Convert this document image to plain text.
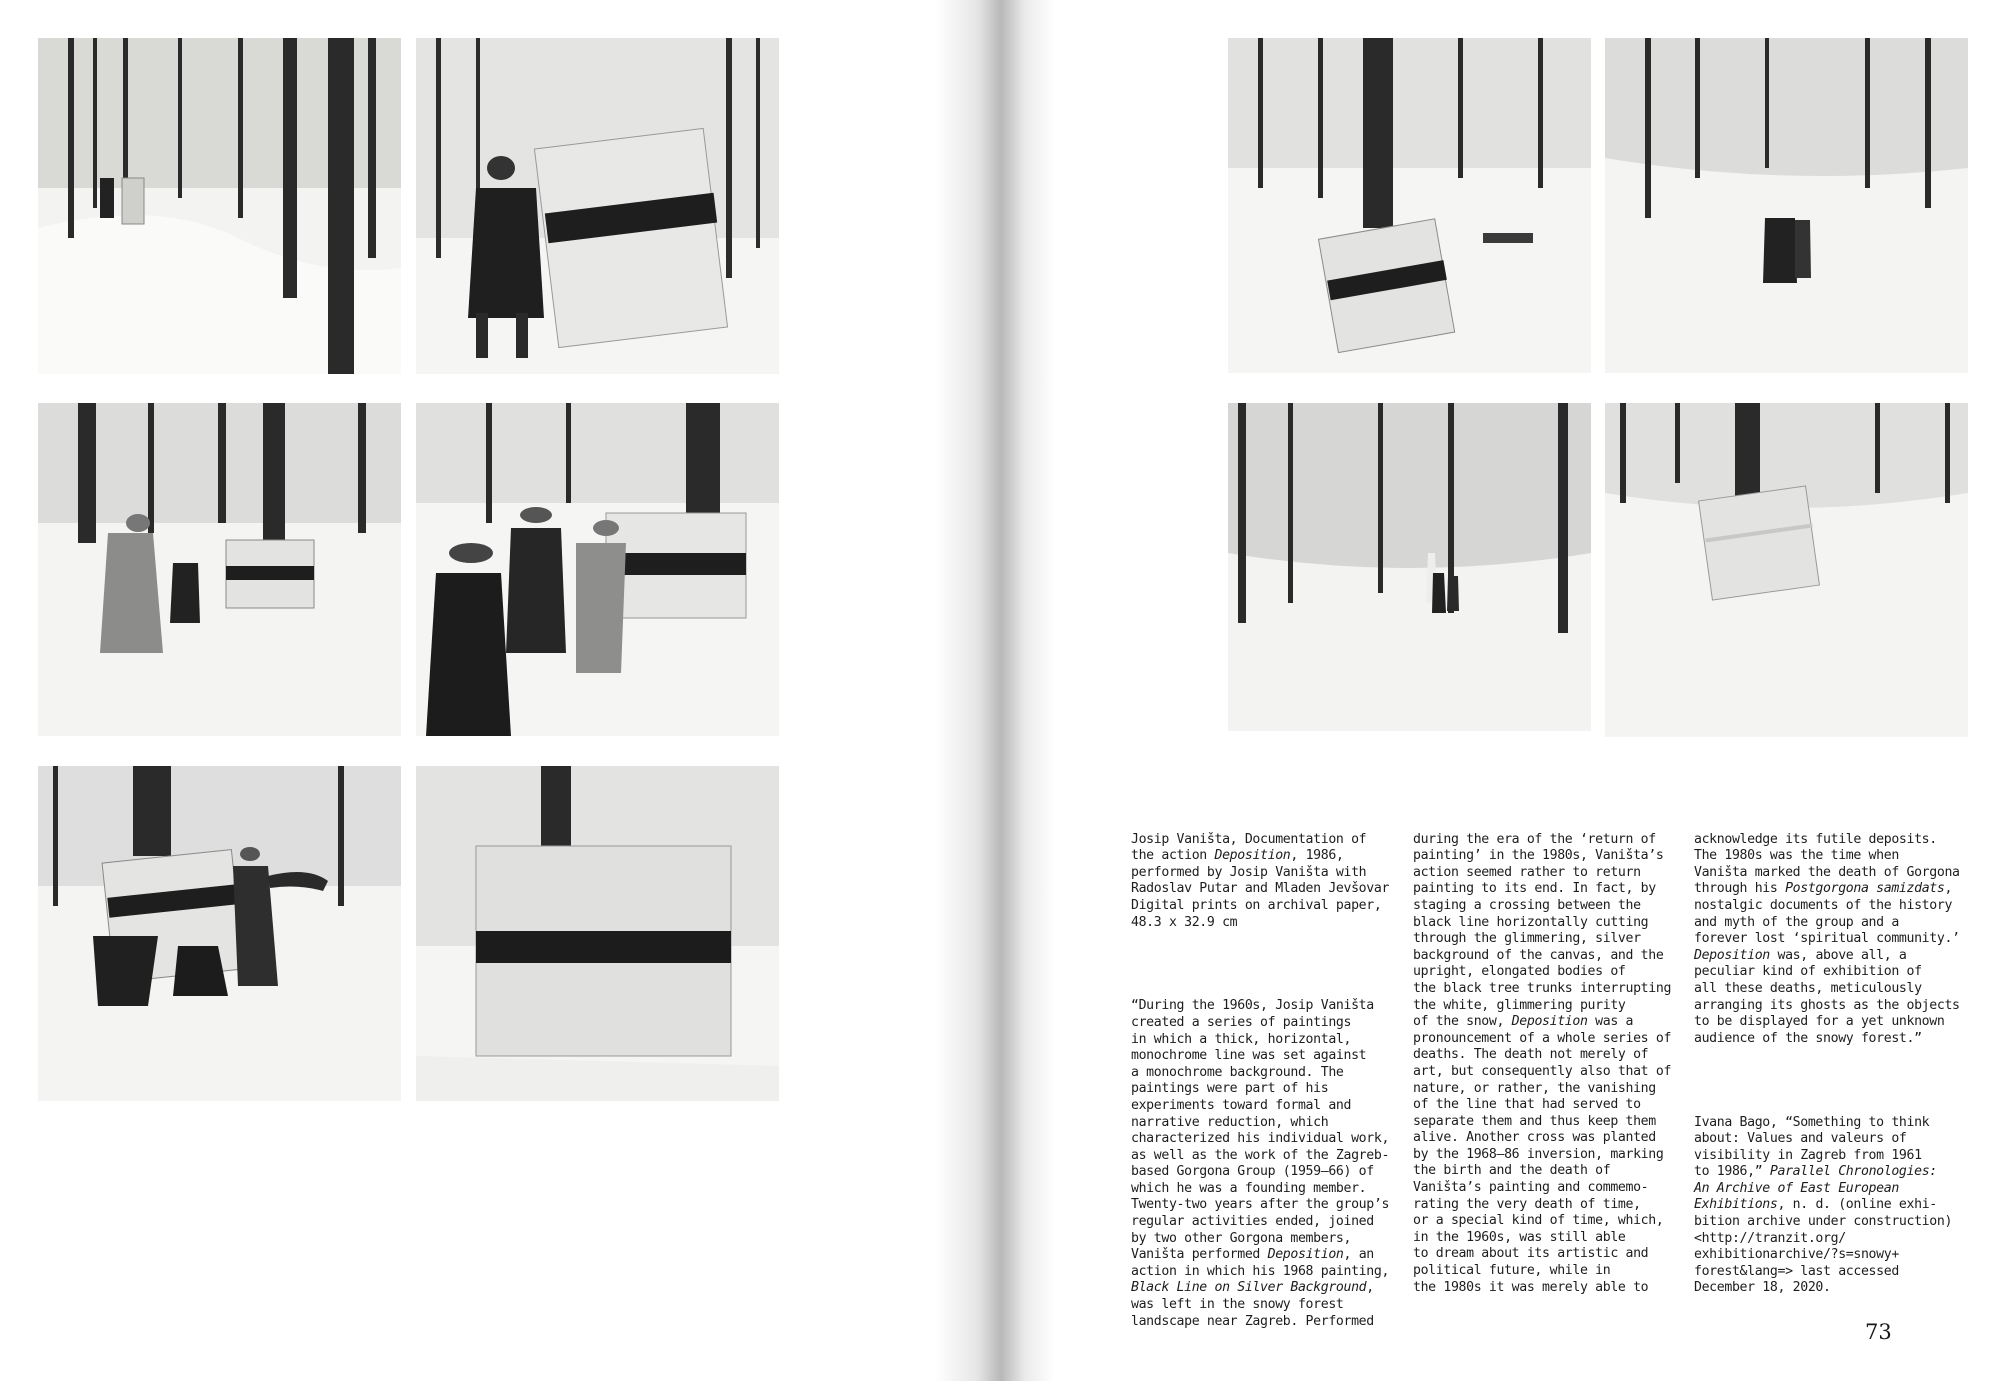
Josip Vaništa, Documentation of
the action Deposition, 1986,
performed by Josip Vaništa with
Radoslav Putar and Mladen Jevšovar
Digital prints on archival paper,
48.3 x 32.9 cm

“During the 1960s, Josip Vaništa
created a series of paintings
in which a thick, horizontal,
monochrome line was set against
a monochrome background. The
paintings were part of his
experiments toward formal and
narrative reduction, which
characterized his individual work,
as well as the work of the Zagreb-
based Gorgona Group (1959–66) of
which he was a founding member.
Twenty-two years after the group’s
regular activities ended, joined
by two other Gorgona members,
Vaništa performed Deposition, an
action in which his 1968 painting,
Black Line on Silver Background,
was left in the snowy forest
landscape near Zagreb. Performed

during the era of the ‘return of
painting’ in the 1980s, Vaništa’s
action seemed rather to return
painting to its end. In fact, by
staging a crossing between the
black line horizontally cutting
through the glimmering, silver
background of the canvas, and the
upright, elongated bodies of
the black tree trunks interrupting
the white, glimmering purity
of the snow, Deposition was a
pronouncement of a whole series of
deaths. The death not merely of
art, but consequently also that of
nature, or rather, the vanishing
of the line that had served to
separate them and thus keep them
alive. Another cross was planted
by the 1968–86 inversion, marking
the birth and the death of
Vaništa’s painting and commemo-
rating the very death of time,
or a special kind of time, which,
in the 1960s, was still able
to dream about its artistic and
political future, while in
the 1980s it was merely able to

acknowledge its futile deposits.
The 1980s was the time when
Vaništa marked the death of Gorgona
through his Postgorgona samizdats,
nostalgic documents of the history
and myth of the group and a
forever lost ‘spiritual community.’
Deposition was, above all, a
peculiar kind of exhibition of
all these deaths, meticulously
arranging its ghosts as the objects
to be displayed for a yet unknown
audience of the snowy forest.”

Ivana Bago, “Something to think
about: Values and valeurs of
visibility in Zagreb from 1961
to 1986,” Parallel Chronologies:
An Archive of East European
Exhibitions, n. d. (online exhi-
bition archive under construction)
<http://tranzit.org/
exhibitionarchive/?s=snowy+
forest&lang=> last accessed
December 18, 2020.

73
